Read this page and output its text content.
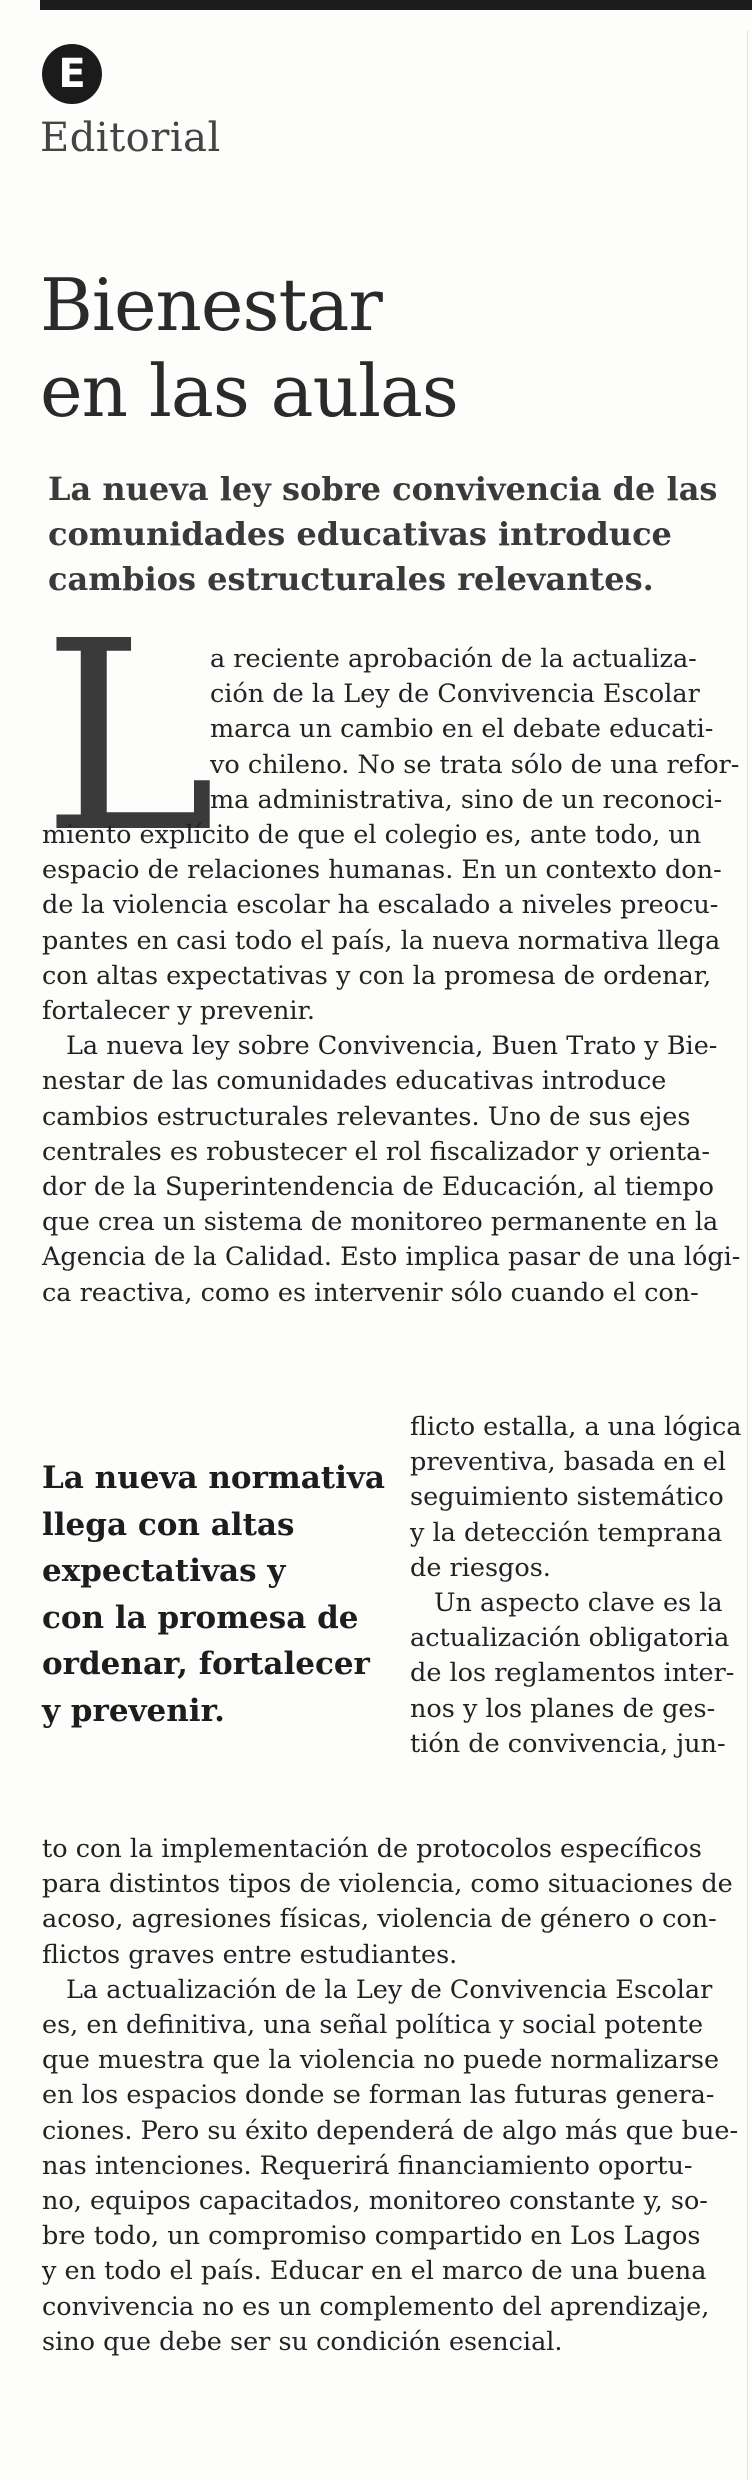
E
Editorial
Bienestar
en las aulas
La nueva ley sobre convivencia de las
comunidades educativas introduce
cambios estructurales relevantes.
L
a reciente aprobación de la actualiza-
ción de la Ley de Convivencia Escolar
marca un cambio en el debate educati-
vo chileno. No se trata sólo de una refor-
ma administrativa, sino de un reconoci-
miento explícito de que el colegio es, ante todo, un
espacio de relaciones humanas. En un contexto don-
de la violencia escolar ha escalado a niveles preocu-
pantes en casi todo el país, la nueva normativa llega
con altas expectativas y con la promesa de ordenar,
fortalecer y prevenir.
La nueva ley sobre Convivencia, Buen Trato y Bie-
nestar de las comunidades educativas introduce
cambios estructurales relevantes. Uno de sus ejes
centrales es robustecer el rol fiscalizador y orienta-
dor de la Superintendencia de Educación, al tiempo
que crea un sistema de monitoreo permanente en la
Agencia de la Calidad. Esto implica pasar de una lógi-
ca reactiva, como es intervenir sólo cuando el con-
La nueva normativa
llega con altas
expectativas y
con la promesa de
ordenar, fortalecer
y prevenir.
flicto estalla, a una lógica
preventiva, basada en el
seguimiento sistemático
y la detección temprana
de riesgos.
Un aspecto clave es la
actualización obligatoria
de los reglamentos inter-
nos y los planes de ges-
tión de convivencia, jun-
to con la implementación de protocolos específicos
para distintos tipos de violencia, como situaciones de
acoso, agresiones físicas, violencia de género o con-
flictos graves entre estudiantes.
La actualización de la Ley de Convivencia Escolar
es, en definitiva, una señal política y social potente
que muestra que la violencia no puede normalizarse
en los espacios donde se forman las futuras genera-
ciones. Pero su éxito dependerá de algo más que bue-
nas intenciones. Requerirá financiamiento oportu-
no, equipos capacitados, monitoreo constante y, so-
bre todo, un compromiso compartido en Los Lagos
y en todo el país. Educar en el marco de una buena
convivencia no es un complemento del aprendizaje,
sino que debe ser su condición esencial.
